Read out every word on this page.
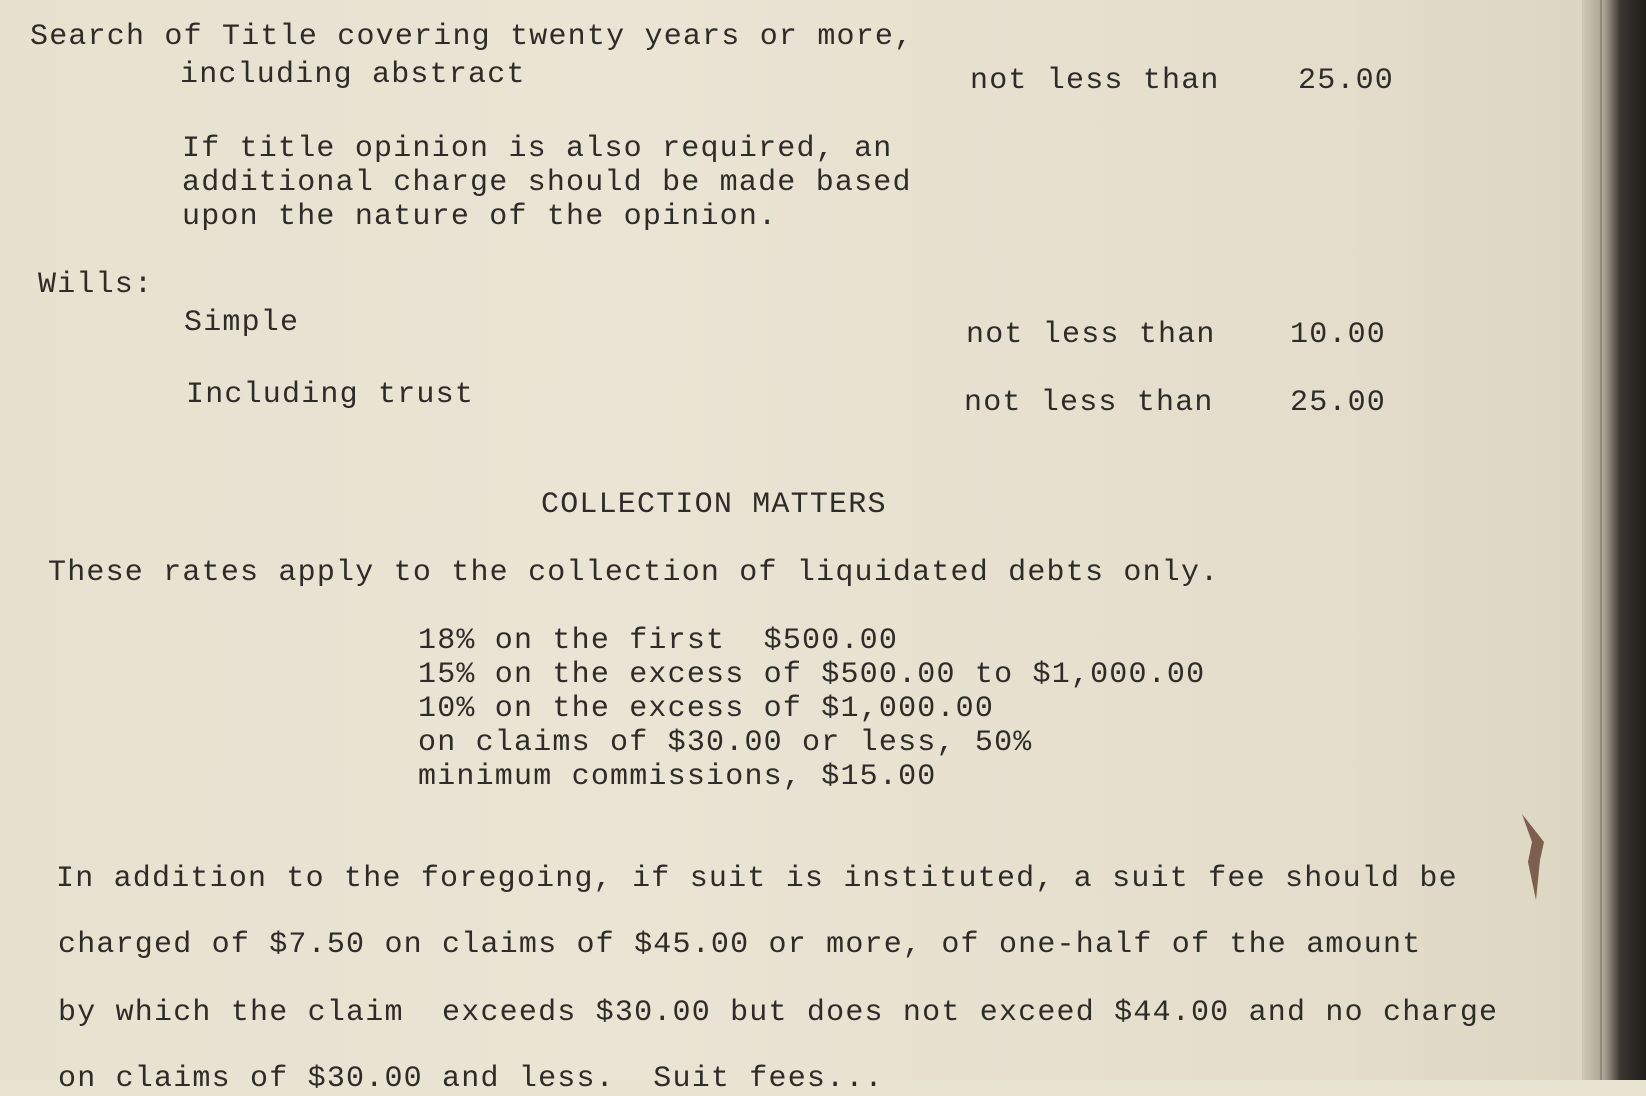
Search of Title covering twenty years or more,
including abstract	not less than	25.00
If title opinion is also required, an
additional charge should be made based
upon the nature of the opinion.
Wills:
Simple	not less than 10.00
Including trust	not less than	25.00
COLLECTION MATTERS
These rates apply to the collection of liquidated debts only.
18% on the first  $500.00
15% on the excess of $500.00 to $1,000.00
10% on the excess of $1,000.00
on claims of $30.00 or less, 50%
minimum commissions, $15.00
In addition to the foregoing, if suit is instituted, a suit fee should be
charged of $7.50 on claims of $45.00 or more, of one-half of the amount
by which the claim  exceeds $30.00 but does not exceed $44.00 and no charge
on claims of $30.00 and less.  Suit fees...
